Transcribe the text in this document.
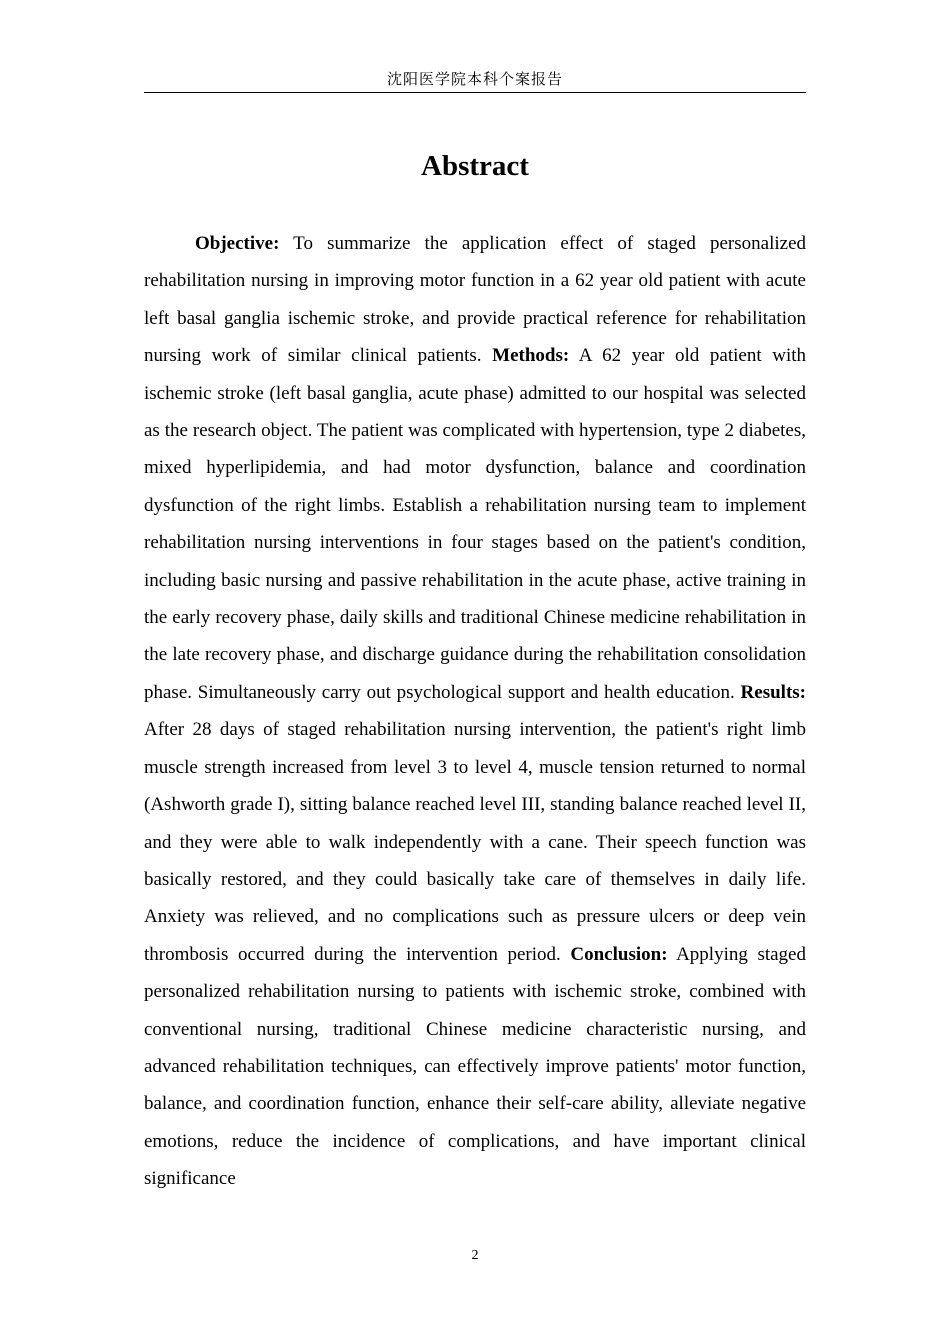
沈阳医学院本科个案报告
Abstract

Objective: To summarize the application effect of staged personalized rehabilitation nursing in improving motor function in a 62 year old patient with acute left basal ganglia ischemic stroke, and provide practical reference for rehabilitation nursing work of similar clinical patients. Methods: A 62 year old patient with ischemic stroke (left basal ganglia, acute phase) admitted to our hospital was selected as the research object. The patient was complicated with hypertension, type 2 diabetes, mixed hyperlipidemia, and had motor dysfunction, balance and coordination dysfunction of the right limbs. Establish a rehabilitation nursing team to implement rehabilitation nursing interventions in four stages based on the patient's condition, including basic nursing and passive rehabilitation in the acute phase, active training in the early recovery phase, daily skills and traditional Chinese medicine rehabilitation in the late recovery phase, and discharge guidance during the rehabilitation consolidation phase. Simultaneously carry out psychological support and health education. Results: After 28 days of staged rehabilitation nursing intervention, the patient's right limb muscle strength increased from level 3 to level 4, muscle tension returned to normal (Ashworth grade I), sitting balance reached level III, standing balance reached level II, and they were able to walk independently with a cane. Their speech function was basically restored, and they could basically take care of themselves in daily life. Anxiety was relieved, and no complications such as pressure ulcers or deep vein thrombosis occurred during the intervention period. Conclusion: Applying staged personalized rehabilitation nursing to patients with ischemic stroke, combined with conventional nursing, traditional Chinese medicine characteristic nursing, and advanced rehabilitation techniques, can effectively improve patients' motor function, balance, and coordination function, enhance their self-care ability, alleviate negative emotions, reduce the incidence of complications, and have important clinical significance

2
